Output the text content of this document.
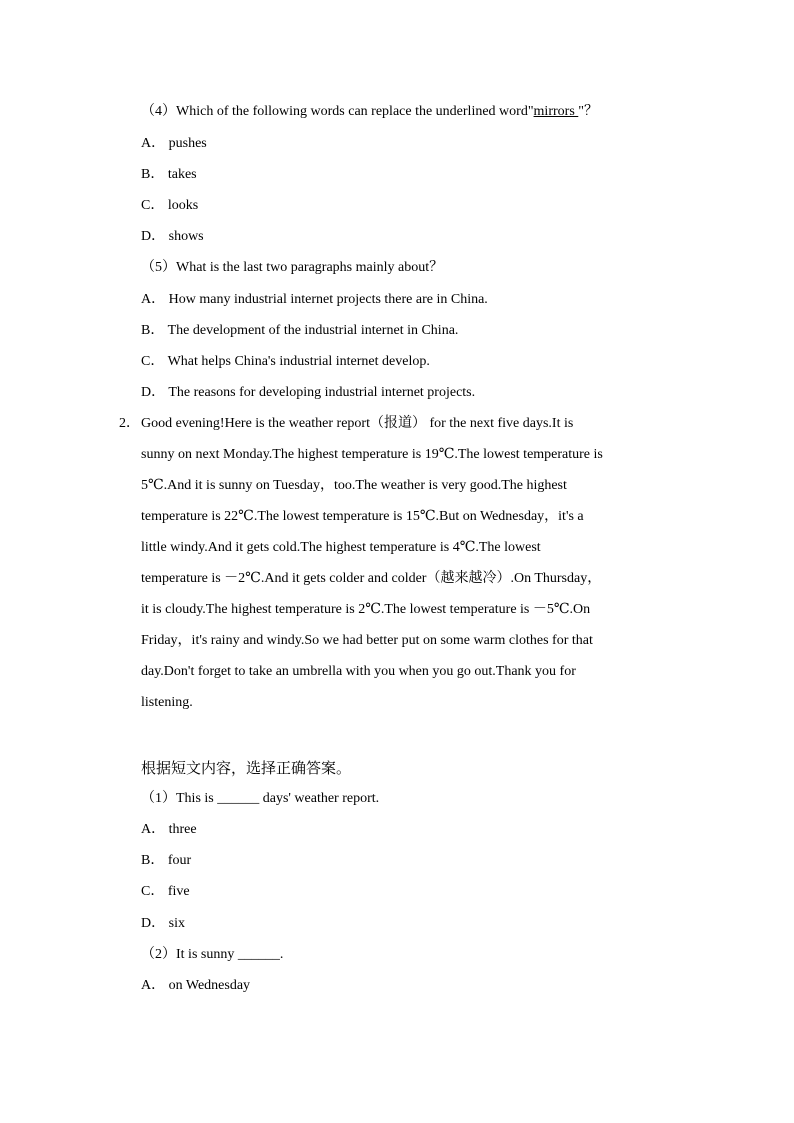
（4）Which of the following words can replace the underlined word"mirrors "？
A． pushes
B． takes
C． looks
D． shows
（5）What is the last two paragraphs mainly about？
A． How many industrial internet projects there are in China.
B． The development of the industrial internet in China.
C． What helps China's industrial internet develop.
D． The reasons for developing industrial internet projects.
2． Good evening!Here is the weather report（报道） for the next five days.It is
sunny on next Monday.The highest temperature is 19℃.The lowest temperature is
5℃.And it is sunny on Tuesday，too.The weather is very good.The highest
temperature is 22℃.The lowest temperature is 15℃.But on Wednesday，it's a
little windy.And it gets cold.The highest temperature is 4℃.The lowest
temperature is －2℃.And it gets colder and colder（越来越冷）.On Thursday，
it is cloudy.The highest temperature is 2℃.The lowest temperature is －5℃.On
Friday，it's rainy and windy.So we had better put on some warm clothes for that
day.Don't forget to take an umbrella with you when you go out.Thank you for
listening.
根据短文内容，选择正确答案。
（1）This is ______ days' weather report.
A． three
B． four
C． five
D． six
（2）It is sunny ______.
A． on Wednesday
